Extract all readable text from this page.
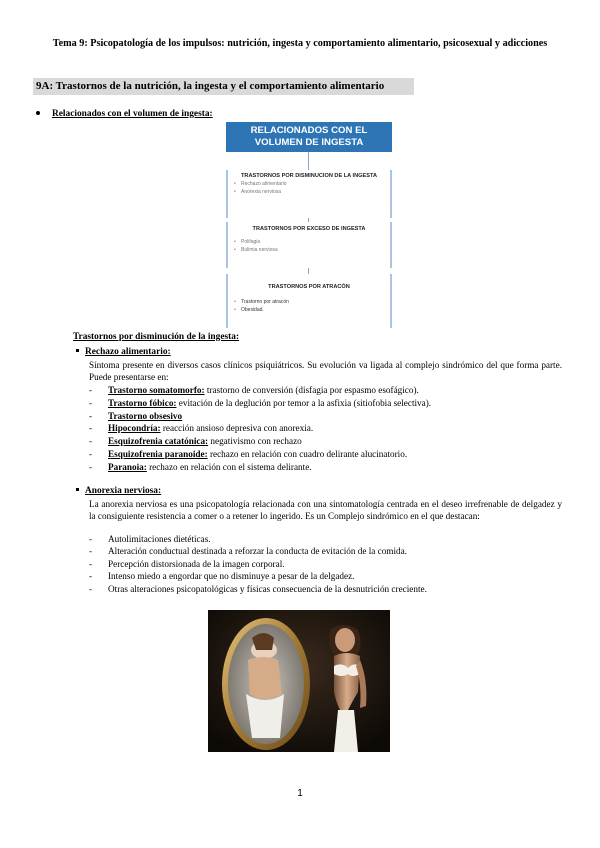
Tema 9: Psicopatología de los impulsos: nutrición, ingesta y comportamiento alimentario, psicosexual y adicciones
9A: Trastornos de la nutrición, la ingesta y el comportamiento alimentario
Relacionados con el volumen de ingesta:
RELACIONADOS CON EL VOLUMEN DE INGESTA
TRASTORNOS POR DISMINUCION DE LA INGESTA
• Rechazo alimentario
• Anorexia nerviosa
TRASTORNOS POR EXCESO DE INGESTA
• Polifagia
• Bulimia nerviosa
TRASTORNOS POR ATRACÓN
• Trastorno por atracón
• Obesidad.
Trastornos por disminución de la ingesta:
Rechazo alimentario:
Síntoma presente en diversos casos clínicos psiquiátricos. Su evolución va ligada al complejo sindrómico del que forma parte. Puede presentarse en:
- Trastorno somatomorfo: trastorno de conversión (disfagia por espasmo esofágico).
- Trastorno fóbico: evitación de la deglución por temor a la asfixia (sitiofobia selectiva).
- Trastorno obsesivo
- Hipocondría: reacción ansioso depresiva con anorexia.
- Esquizofrenia catatónica: negativismo con rechazo
- Esquizofrenia paranoide: rechazo en relación con cuadro delirante alucinatorio.
- Paranoia: rechazo en relación con el sistema delirante.
Anorexia nerviosa:
La anorexia nerviosa es una psicopatología relacionada con una sintomatología centrada en el deseo irrefrenable de delgadez y la consiguiente resistencia a comer o a retener lo ingerido. Es un Complejo sindrómico en el que destacan:
- Autolimitaciones dietéticas.
- Alteración conductual destinada a reforzar la conducta de evitación de la comida.
- Percepción distorsionada de la imagen corporal.
- Intenso miedo a engordar que no disminuye a pesar de la delgadez.
- Otras alteraciones psicopatológicas y físicas consecuencia de la desnutrición creciente.
1
